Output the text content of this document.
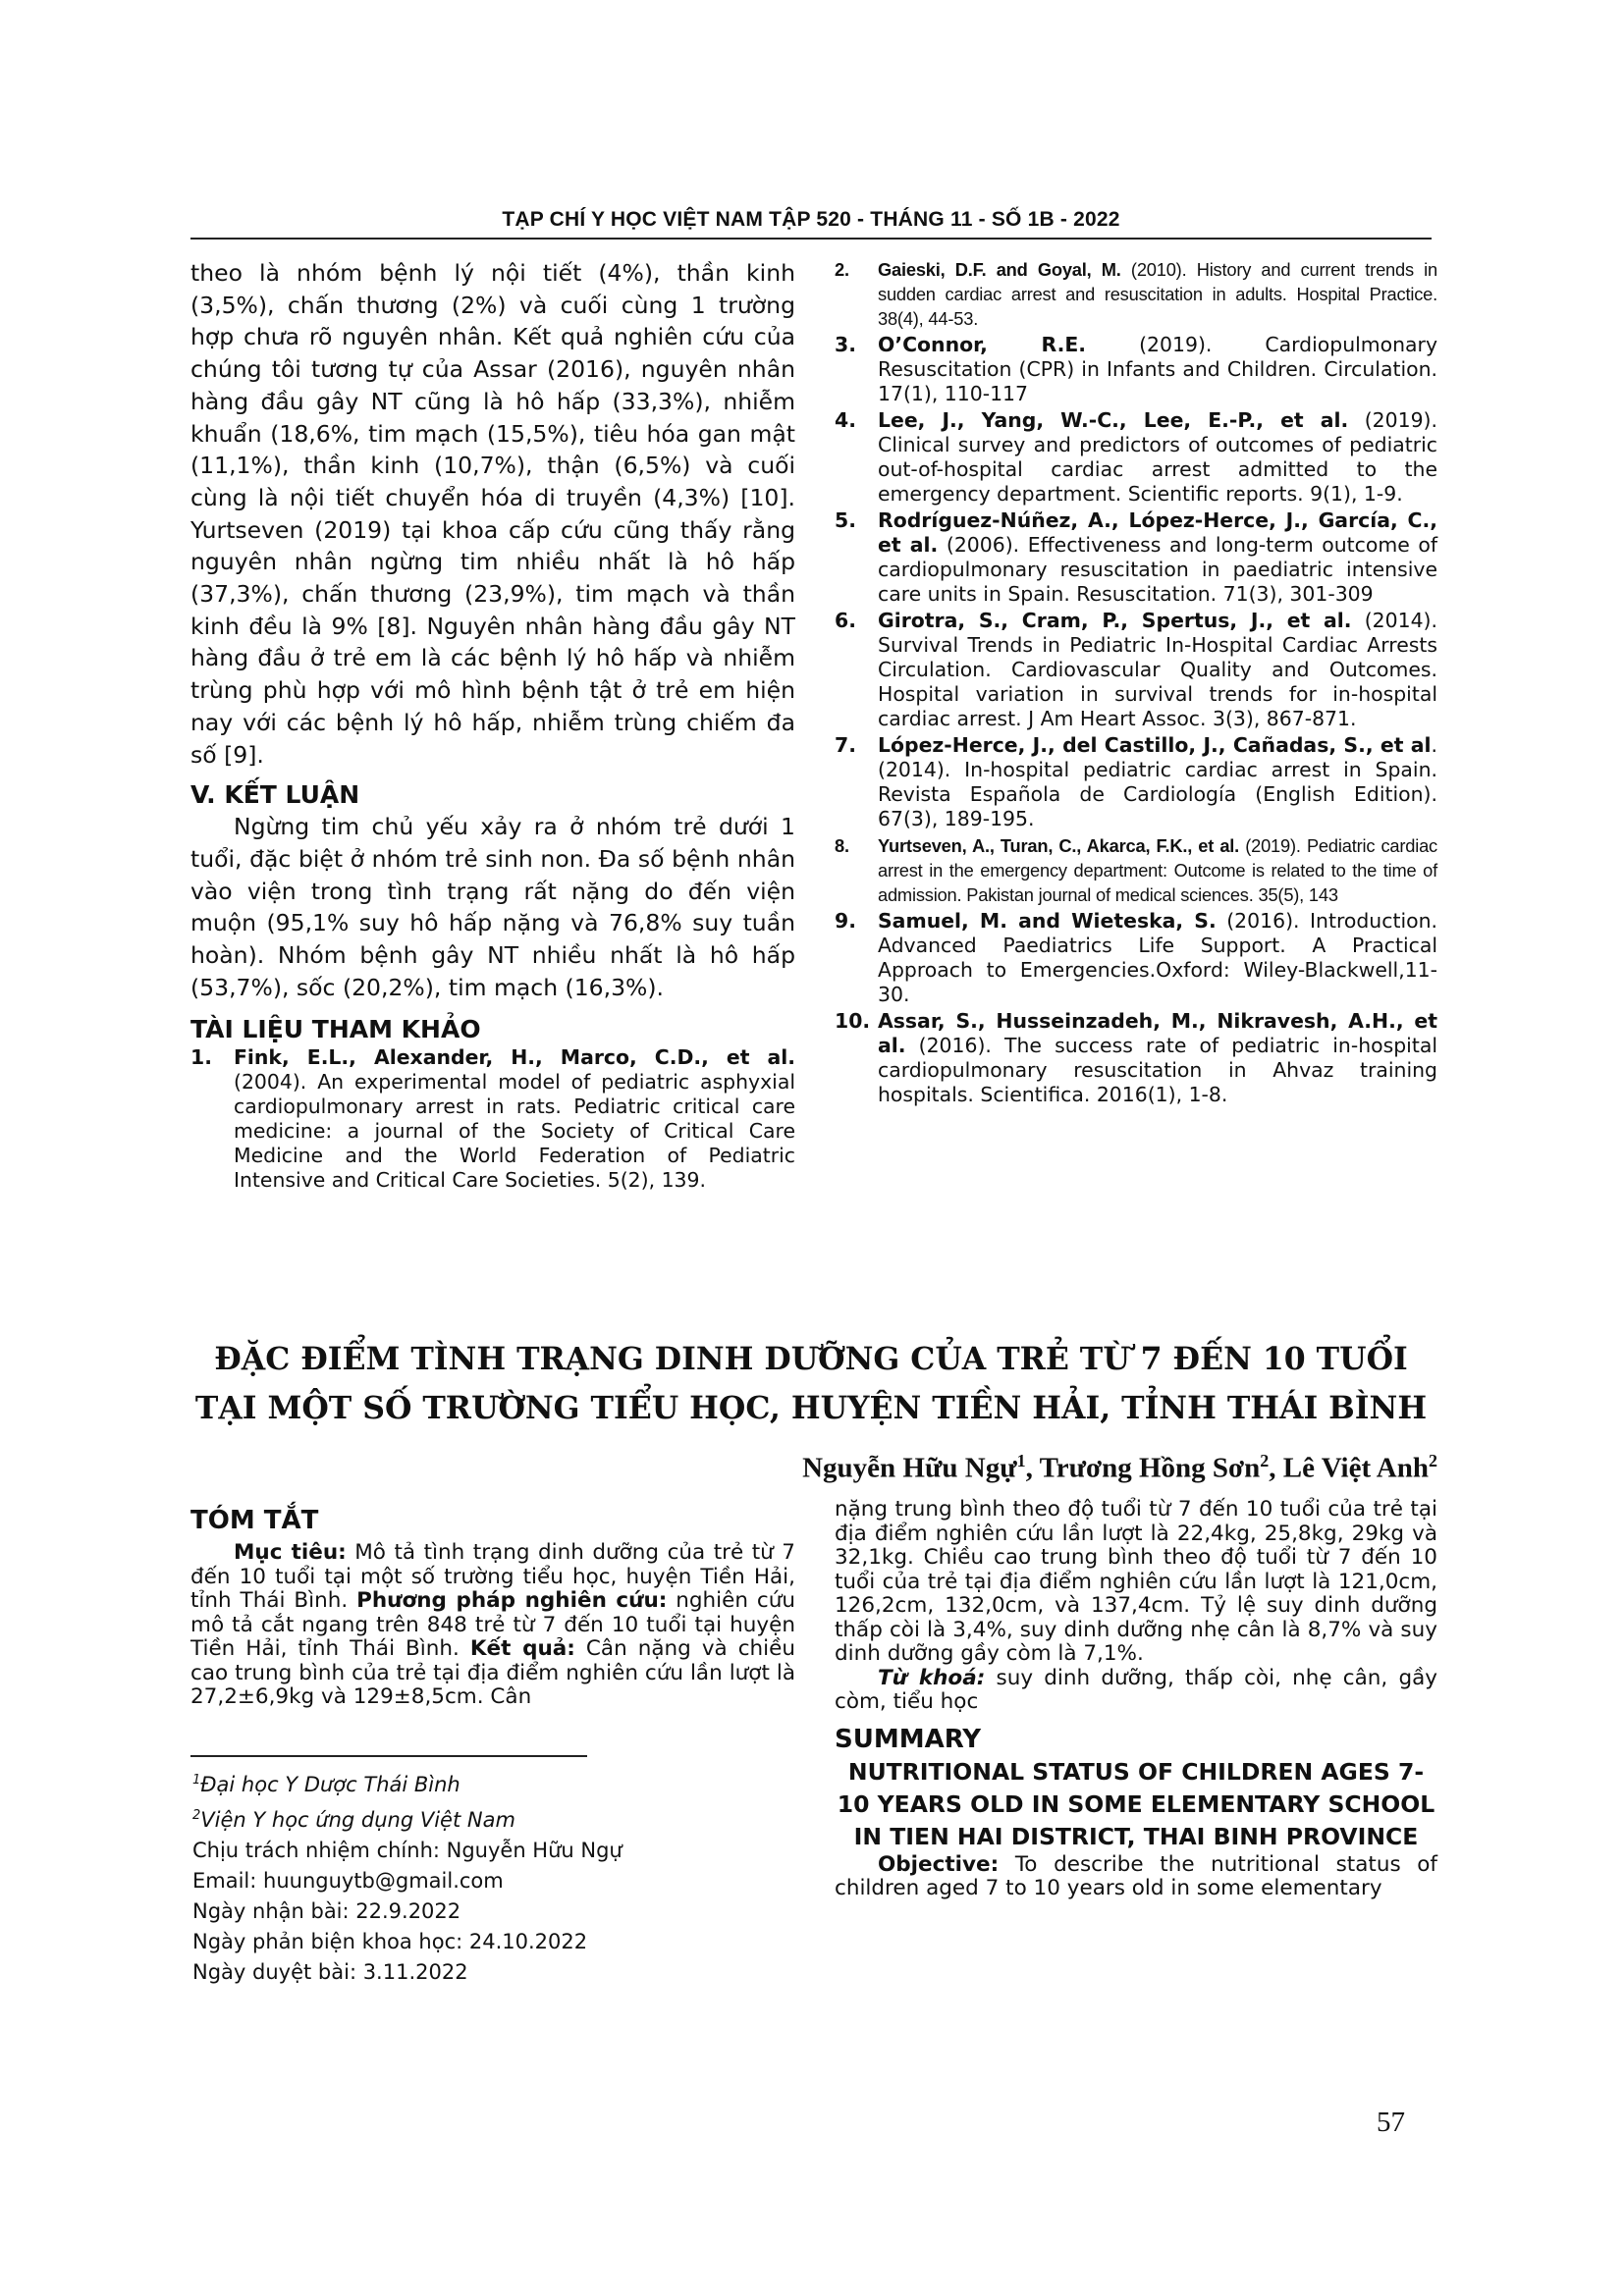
TẠP CHÍ Y HỌC VIỆT NAM TẬP 520 - THÁNG 11 - SỐ 1B - 2022

theo là nhóm bệnh lý nội tiết (4%), thần kinh (3,5%), chấn thương (2%) và cuối cùng 1 trường hợp chưa rõ nguyên nhân. Kết quả nghiên cứu của chúng tôi tương tự của Assar (2016), nguyên nhân hàng đầu gây NT cũng là hô hấp (33,3%), nhiễm khuẩn (18,6%, tim mạch (15,5%), tiêu hóa gan mật (11,1%), thần kinh (10,7%), thận (6,5%) và cuối cùng là nội tiết chuyển hóa di truyền (4,3%) [10]. Yurtseven (2019) tại khoa cấp cứu cũng thấy rằng nguyên nhân ngừng tim nhiều nhất là hô hấp (37,3%), chấn thương (23,9%), tim mạch và thần kinh đều là 9% [8]. Nguyên nhân hàng đầu gây NT hàng đầu ở trẻ em là các bệnh lý hô hấp và nhiễm trùng phù hợp với mô hình bệnh tật ở trẻ em hiện nay với các bệnh lý hô hấp, nhiễm trùng chiếm đa số [9].

V. KẾT LUẬN

Ngừng tim chủ yếu xảy ra ở nhóm trẻ dưới 1 tuổi, đặc biệt ở nhóm trẻ sinh non. Đa số bệnh nhân vào viện trong tình trạng rất nặng do đến viện muộn (95,1% suy hô hấp nặng và 76,8% suy tuần hoàn). Nhóm bệnh gây NT nhiều nhất là hô hấp (53,7%), sốc (20,2%), tim mạch (16,3%).

TÀI LIỆU THAM KHẢO
1. Fink, E.L., Alexander, H., Marco, C.D., et al. (2004). An experimental model of pediatric asphyxial cardiopulmonary arrest in rats. Pediatric critical care medicine: a journal of the Society of Critical Care Medicine and the World Federation of Pediatric Intensive and Critical Care Societies. 5(2), 139.
2. Gaieski, D.F. and Goyal, M. (2010). History and current trends in sudden cardiac arrest and resuscitation in adults. Hospital Practice. 38(4), 44-53.
3. O’Connor, R.E. (2019). Cardiopulmonary Resuscitation (CPR) in Infants and Children. Circulation. 17(1), 110-117
4. Lee, J., Yang, W.-C., Lee, E.-P., et al. (2019). Clinical survey and predictors of outcomes of pediatric out-of-hospital cardiac arrest admitted to the emergency department. Scientific reports. 9(1), 1-9.
5. Rodríguez-Núñez, A., López-Herce, J., García, C., et al. (2006). Effectiveness and long-term outcome of cardiopulmonary resuscitation in paediatric intensive care units in Spain. Resuscitation. 71(3), 301-309
6. Girotra, S., Cram, P., Spertus, J., et al. (2014). Survival Trends in Pediatric In-Hospital Cardiac Arrests Circulation. Cardiovascular Quality and Outcomes. Hospital variation in survival trends for in-hospital cardiac arrest. J Am Heart Assoc. 3(3), 867-871.
7. López-Herce, J., del Castillo, J., Cañadas, S., et al. (2014). In-hospital pediatric cardiac arrest in Spain. Revista Española de Cardiología (English Edition). 67(3), 189-195.
8. Yurtseven, A., Turan, C., Akarca, F.K., et al. (2019). Pediatric cardiac arrest in the emergency department: Outcome is related to the time of admission. Pakistan journal of medical sciences. 35(5), 143
9. Samuel, M. and Wieteska, S. (2016). Introduction. Advanced Paediatrics Life Support. A Practical Approach to Emergencies.Oxford: Wiley-Blackwell,11-30.
10. Assar, S., Husseinzadeh, M., Nikravesh, A.H., et al. (2016). The success rate of pediatric in-hospital cardiopulmonary resuscitation in Ahvaz training hospitals. Scientifica. 2016(1), 1-8.
ĐẶC ĐIỂM TÌNH TRẠNG DINH DƯỠNG CỦA TRẺ TỪ 7 ĐẾN 10 TUỔI
TẠI MỘT SỐ TRƯỜNG TIỂU HỌC, HUYỆN TIỀN HẢI, TỈNH THÁI BÌNH
Nguyễn Hữu Ngự$^1$, Trương Hồng Sơn$^2$, Lê Việt Anh$^2$
TÓM TẮT

Mục tiêu: Mô tả tình trạng dinh dưỡng của trẻ từ 7 đến 10 tuổi tại một số trường tiểu học, huyện Tiền Hải, tỉnh Thái Bình. Phương pháp nghiên cứu: nghiên cứu mô tả cắt ngang trên 848 trẻ từ 7 đến 10 tuổi tại huyện Tiền Hải, tỉnh Thái Bình. Kết quả: Cân nặng và chiều cao trung bình của trẻ tại địa điểm nghiên cứu lần lượt là 27,2±6,9kg và 129±8,5cm. Cân

$^1$Đại học Y Dược Thái Bình
$^2$Viện Y học ứng dụng Việt Nam
Chịu trách nhiệm chính: Nguyễn Hữu Ngự
Email: huunguytb@gmail.com
Ngày nhận bài: 22.9.2022
Ngày phản biện khoa học: 24.10.2022
Ngày duyệt bài: 3.11.2022

nặng trung bình theo độ tuổi từ 7 đến 10 tuổi của trẻ tại địa điểm nghiên cứu lần lượt là 22,4kg, 25,8kg, 29kg và 32,1kg. Chiều cao trung bình theo độ tuổi từ 7 đến 10 tuổi của trẻ tại địa điểm nghiên cứu lần lượt là 121,0cm, 126,2cm, 132,0cm, và 137,4cm. Tỷ lệ suy dinh dưỡng thấp còi là 3,4%, suy dinh dưỡng nhẹ cân là 8,7% và suy dinh dưỡng gầy còm là 7,1%.

Từ khoá: suy dinh dưỡng, thấp còi, nhẹ cân, gầy còm, tiểu học

SUMMARY

NUTRITIONAL STATUS OF CHILDREN AGES 7-10 YEARS OLD IN SOME ELEMENTARY SCHOOL IN TIEN HAI DISTRICT, THAI BINH PROVINCE

Objective: To describe the nutritional status of children aged 7 to 10 years old in some elementary

57
